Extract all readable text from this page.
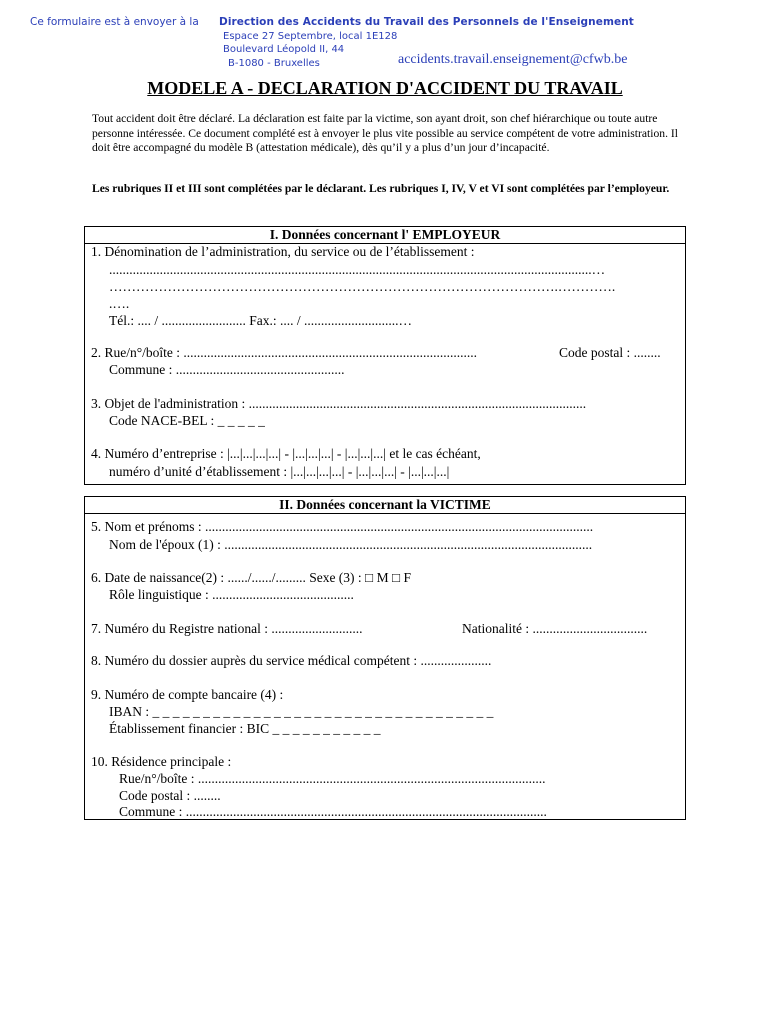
Ce formulaire est à envoyer à la Direction des Accidents du Travail des Personnels de l'Enseignement
Espace 27 Septembre, local 1E128
Boulevard Léopold II, 44
B-1080 - Bruxelles	accidents.travail.enseignement@cfwb.be
MODELE A - DECLARATION D'ACCIDENT DU TRAVAIL
Tout accident doit être déclaré. La déclaration est faite par la victime, son ayant droit, son chef hiérarchique ou toute autre personne intéressée. Ce document complété est à envoyer le plus vite possible au service compétent de votre administration. Il doit être accompagné du modèle B (attestation médicale), dès qu’il y a plus d’un jour d’incapacité.
Les rubriques II et III sont complétées par le déclarant. Les rubriques I, IV, V et VI sont complétées par l’employeur.
I. Données concernant l' EMPLOYEUR
1. Dénomination de l’administration, du service ou de l’établissement :
...............................................................................................................................................…
……………………………………………………………………………………….………….
.….
Tél.: .... / ......................... Fax.: .... / ............................…
2. Rue/n°/boîte : .......................................................................................	Code postal : ........
Commune : ..................................................
3. Objet de l'administration : ....................................................................................................
Code NACE-BEL : _ _ _ _ _
4. Numéro d’entreprise : |...|...|...|...| - |...|...|...| - |...|...|...| et le cas échéant,
numéro d’unité d’établissement : |...|...|...|...| - |...|...|...| - |...|...|...|
II. Données concernant la VICTIME
5. Nom et prénoms : ...................................................................................................................
Nom de l'époux (1) : .............................................................................................................
6. Date de naissance(2) : ....../....../......... Sexe (3) : □ M □ F
Rôle linguistique : ..........................................
7. Numéro du Registre national : ...........................	Nationalité : ..................................
8. Numéro du dossier auprès du service médical compétent : .....................
9. Numéro de compte bancaire (4) :
IBAN : _ _ _ _ _ _ _ _ _ _ _ _ _ _ _ _ _ _ _ _ _ _ _ _ _ _ _ _ _ _ _ _ _ _
Établissement financier : BIC _ _ _ _ _ _ _ _ _ _ _
10. Résidence principale :
Rue/n°/boîte : .......................................................................................................
Code postal : ........
Commune : ...........................................................................................................
